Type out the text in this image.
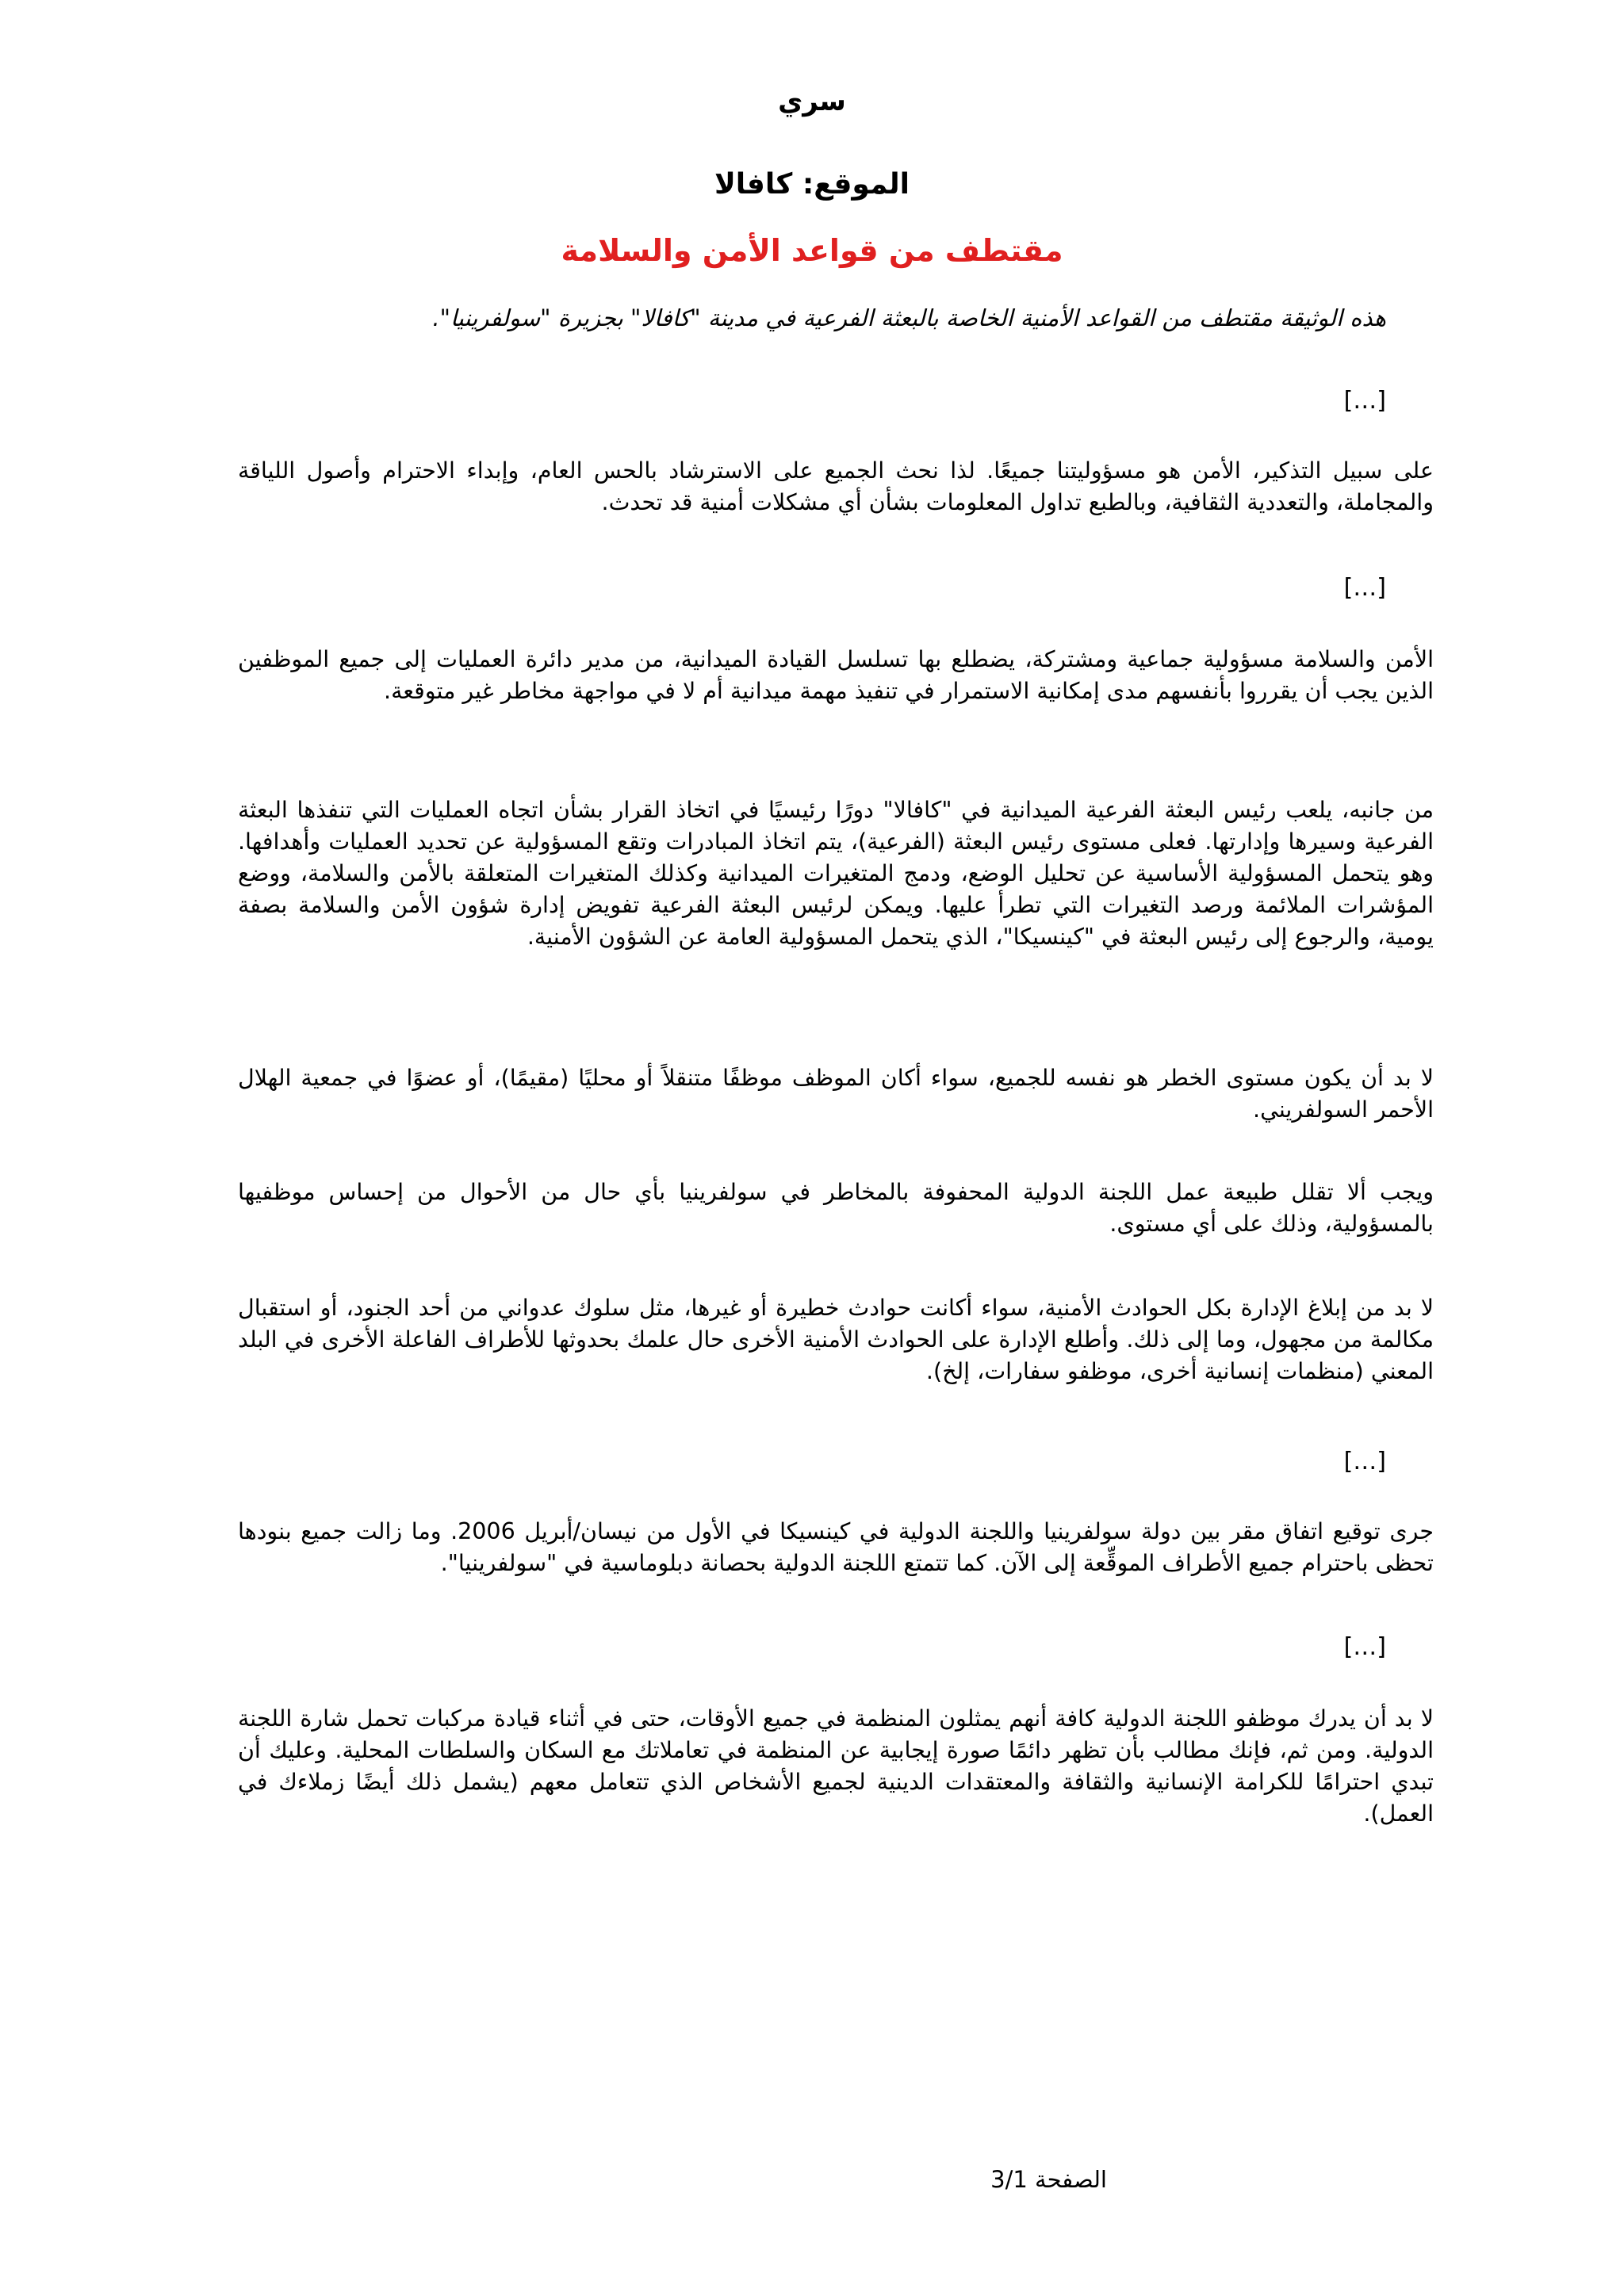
سري
الموقع: كافالا
مقتطف من قواعد الأمن والسلامة
هذه الوثيقة مقتطف من القواعد الأمنية الخاصة بالبعثة الفرعية في مدينة "كافالا" بجزيرة "سولفرينيا".
[…]

على سبيل التذكير، الأمن هو مسؤوليتنا جميعًا. لذا نحث الجميع على الاسترشاد بالحس العام، وإبداء الاحترام وأصول اللياقة والمجاملة، والتعددية الثقافية، وبالطبع تداول المعلومات بشأن أي مشكلات أمنية قد تحدث.

[…]

الأمن والسلامة مسؤولية جماعية ومشتركة، يضطلع بها تسلسل القيادة الميدانية، من مدير دائرة العمليات إلى جميع الموظفين الذين يجب أن يقرروا بأنفسهم مدى إمكانية الاستمرار في تنفيذ مهمة ميدانية أم لا في مواجهة مخاطر غير متوقعة.

من جانبه، يلعب رئيس البعثة الفرعية الميدانية في "كافالا" دورًا رئيسيًا في اتخاذ القرار بشأن اتجاه العمليات التي تنفذها البعثة الفرعية وسيرها وإدارتها. فعلى مستوى رئيس البعثة (الفرعية)، يتم اتخاذ المبادرات وتقع المسؤولية عن تحديد العمليات وأهدافها. وهو يتحمل المسؤولية الأساسية عن تحليل الوضع، ودمج المتغيرات الميدانية وكذلك المتغيرات المتعلقة بالأمن والسلامة، ووضع المؤشرات الملائمة ورصد التغيرات التي تطرأ عليها. ويمكن لرئيس البعثة الفرعية تفويض إدارة شؤون الأمن والسلامة بصفة يومية، والرجوع إلى رئيس البعثة في "كينسيكا"، الذي يتحمل المسؤولية العامة عن الشؤون الأمنية.

لا بد أن يكون مستوى الخطر هو نفسه للجميع، سواء أكان الموظف موظفًا متنقلاً أو محليًا (مقيمًا)، أو عضوًا في جمعية الهلال الأحمر السولفريني.

ويجب ألا تقلل طبيعة عمل اللجنة الدولية المحفوفة بالمخاطر في سولفرينيا بأي حال من الأحوال من إحساس موظفيها بالمسؤولية، وذلك على أي مستوى.

لا بد من إبلاغ الإدارة بكل الحوادث الأمنية، سواء أكانت حوادث خطيرة أو غيرها، مثل سلوك عدواني من أحد الجنود، أو استقبال مكالمة من مجهول، وما إلى ذلك. وأطلع الإدارة على الحوادث الأمنية الأخرى حال علمك بحدوثها للأطراف الفاعلة الأخرى في البلد المعني (منظمات إنسانية أخرى، موظفو سفارات، إلخ).

[…]

جرى توقيع اتفاق مقر بين دولة سولفرينيا واللجنة الدولية في كينسيكا في الأول من نيسان/أبريل 2006. وما زالت جميع بنودها تحظى باحترام جميع الأطراف الموقِّعة إلى الآن. كما تتمتع اللجنة الدولية بحصانة دبلوماسية في "سولفرينيا".

[…]

لا بد أن يدرك موظفو اللجنة الدولية كافة أنهم يمثلون المنظمة في جميع الأوقات، حتى في أثناء قيادة مركبات تحمل شارة اللجنة الدولية. ومن ثم، فإنك مطالب بأن تظهر دائمًا صورة إيجابية عن المنظمة في تعاملاتك مع السكان والسلطات المحلية. وعليك أن تبدي احترامًا للكرامة الإنسانية والثقافة والمعتقدات الدينية لجميع الأشخاص الذي تتعامل معهم (يشمل ذلك أيضًا زملاءك في العمل).

الصفحة 3/1
